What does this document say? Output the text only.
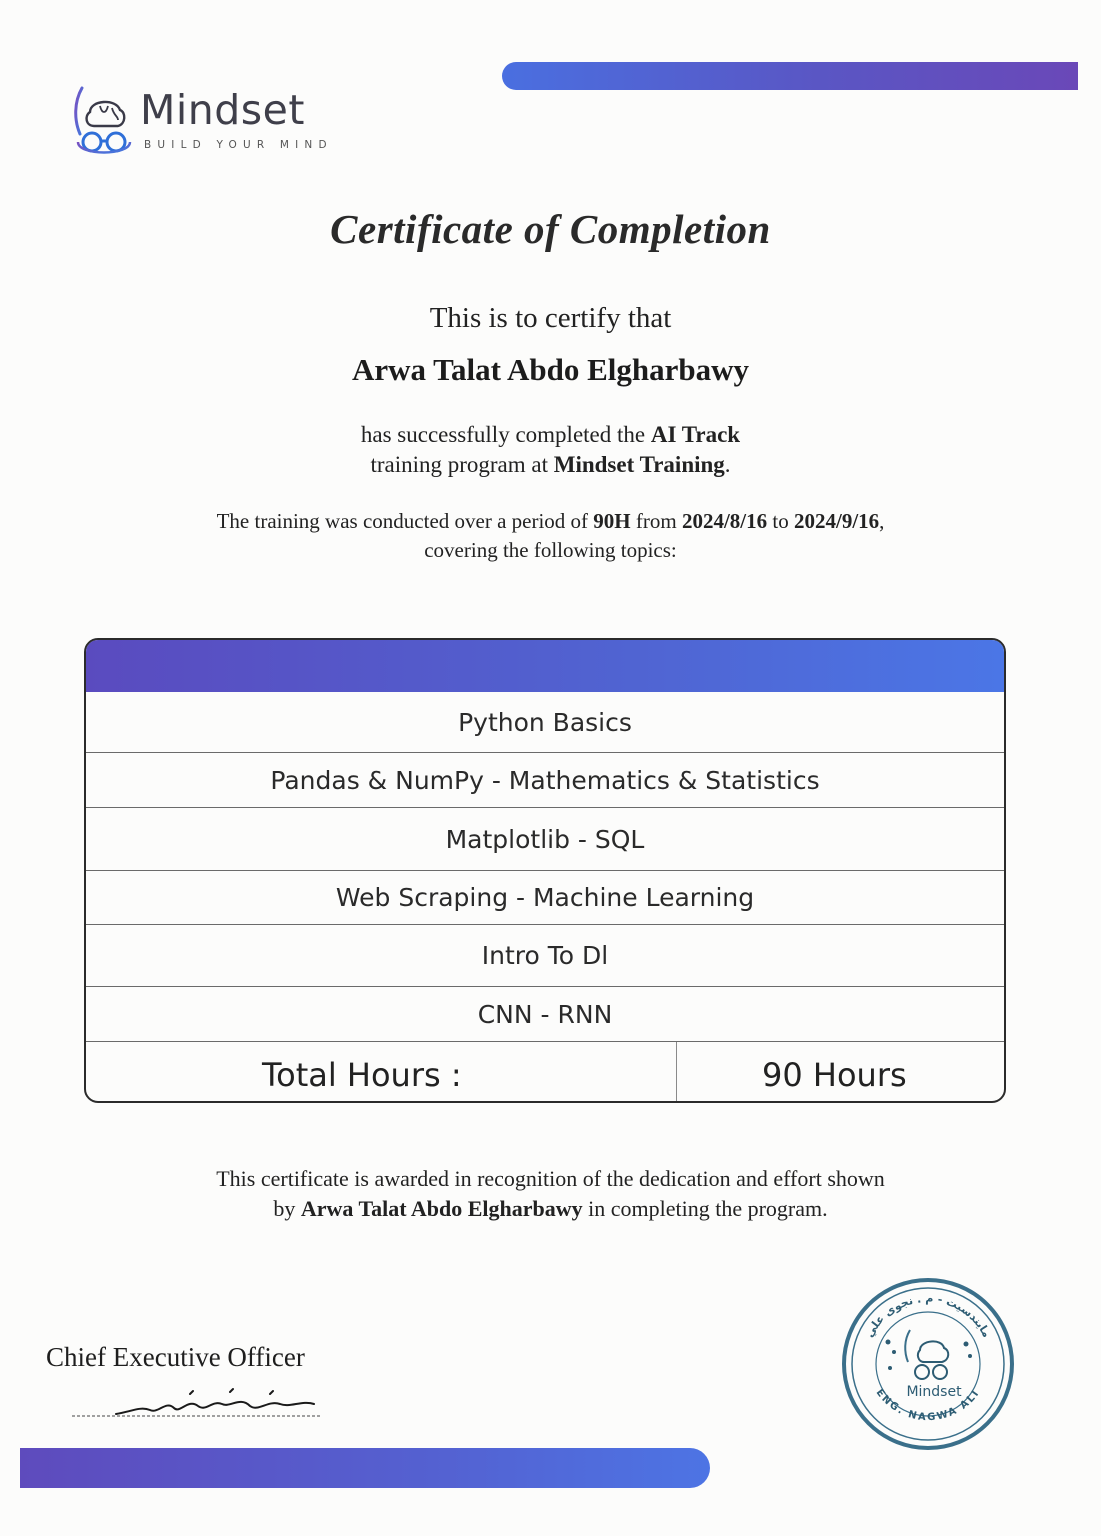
Mindset
BUILD YOUR MIND
Certificate of Completion
This is to certify that
Arwa Talat Abdo Elgharbawy
has successfully completed the AI Track
training program at Mindset Training.
The training was conducted over a period of 90H from 2024/8/16 to 2024/9/16,
covering the following topics:
Python Basics
Pandas & NumPy - Mathematics & Statistics
Matplotlib - SQL
Web Scraping - Machine Learning
Intro To Dl
CNN - RNN
Total Hours :	90 Hours
This certificate is awarded in recognition of the dedication and effort shown
by Arwa Talat Abdo Elgharbawy in completing the program.
Chief Executive Officer
مايندسيت - م . نجوى علي
ENG. NAGWA ALI
Mindset
